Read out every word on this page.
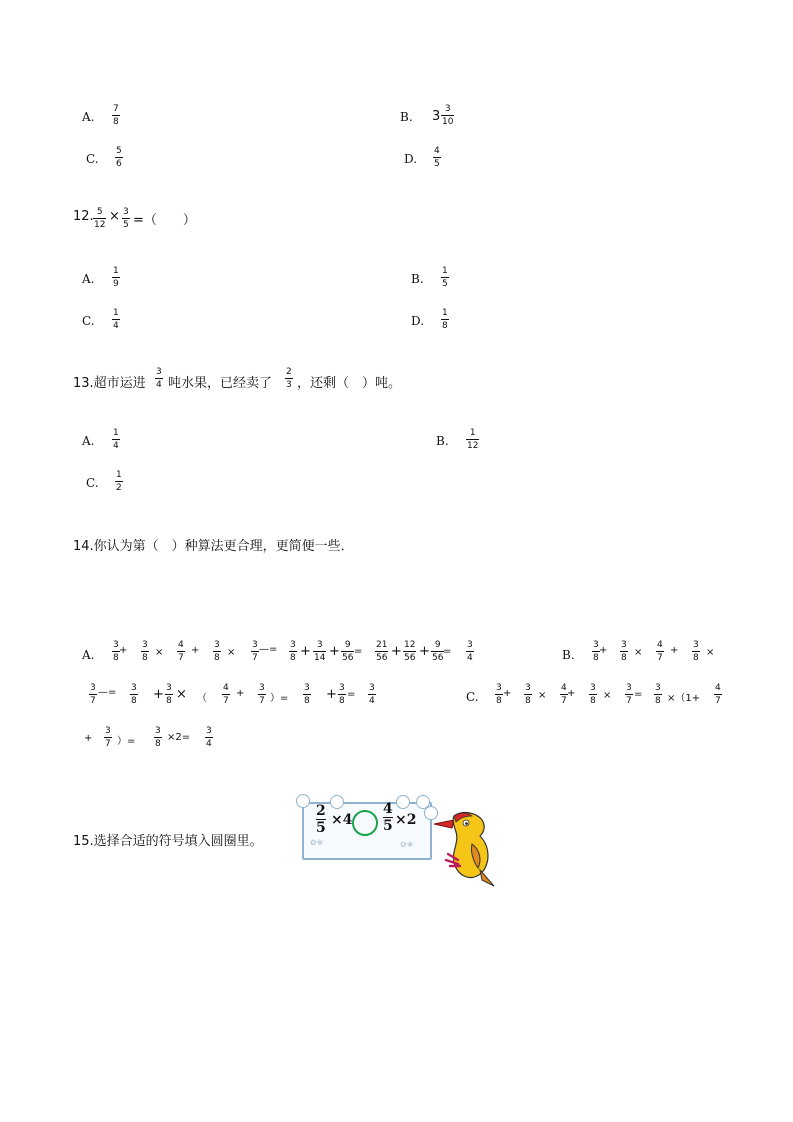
A. $\frac{7}{8}$	B. $3 \frac{3}{10}$
C. $\frac{5}{6}$	D. $\frac{4}{5}$
12. $\frac{5}{12} \times \frac{3}{5}$ =（　　）
A. $\frac{1}{9}$	B. $\frac{1}{5}$
C. $\frac{1}{4}$	D. $\frac{1}{8}$
13.超市运进 $\frac{3}{4}$ 吨水果，已经卖了 $\frac{2}{3}$ ，还剩（　）吨。
A. $\frac{1}{4}$	B. $\frac{1}{12}$
C. $\frac{1}{2}$
14.你认为第（　）种算法更合理，更简便一些．
A. $\frac{3}{8} + \frac{3}{8} \times \frac{4}{7} + \frac{3}{8} \times \frac{3}{7}$ —= $\frac{3}{8} + \frac{3}{14} + \frac{9}{56} = \frac{21}{56} + \frac{12}{56} + \frac{9}{56}$
= $\frac{3}{4}$	B. $\frac{3}{8} + \frac{3}{8} \times \frac{4}{7} + \frac{3}{8}$ ×
$\frac{3}{7}$ —= $\frac{3}{8} + \frac{3}{8}$ × （ $\frac{4}{7} + \frac{3}{7}$ ）= $\frac{3}{8} + \frac{3}{8} = \frac{3}{4}$	C. $\frac{3}{8} + \frac{3}{8} \times \frac{4}{7} + \frac{3}{8} \times \frac{3}{7} = \frac{3}{8} \times(1+ \frac{4}{7}$
+ $\frac{3}{7}$ ）= $\frac{3}{8} \times 2= \frac{3}{4}$
15.选择合适的符号填入圆圈里。	✿❀	✿❀
2
5 ×4
4
5 ×2
